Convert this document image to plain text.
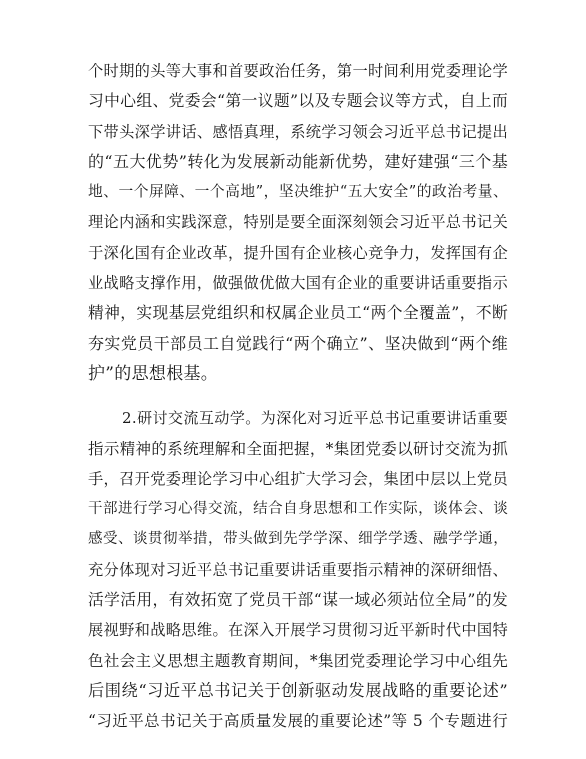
个时期的头等大事和首要政治任务，第一时间利用党委理论学
习中心组、党委会“第一议题”以及专题会议等方式，自上而
下带头深学讲话、感悟真理，系统学习领会习近平总书记提出
的“五大优势”转化为发展新动能新优势，建好建强“三个基
地、一个屏障、一个高地”，坚决维护“五大安全”的政治考量、
理论内涵和实践深意，特别是要全面深刻领会习近平总书记关
于深化国有企业改革，提升国有企业核心竞争力，发挥国有企
业战略支撑作用，做强做优做大国有企业的重要讲话重要指示
精神，实现基层党组织和权属企业员工“两个全覆盖”，不断
夯实党员干部员工自觉践行“两个确立”、坚决做到“两个维
护”的思想根基。
2.研讨交流互动学。为深化对习近平总书记重要讲话重要
指示精神的系统理解和全面把握，*集团党委以研讨交流为抓
手，召开党委理论学习中心组扩大学习会，集团中层以上党员
干部进行学习心得交流，结合自身思想和工作实际，谈体会、谈
感受、谈贯彻举措，带头做到先学学深、细学学透、融学学通，
充分体现对习近平总书记重要讲话重要指示精神的深研细悟、
活学活用，有效拓宽了党员干部“谋一域必须站位全局”的发
展视野和战略思维。在深入开展学习贯彻习近平新时代中国特
色社会主义思想主题教育期间，*集团党委理论学习中心组先
后围绕“习近平总书记关于创新驱动发展战略的重要论述”
“习近平总书记关于高质量发展的重要论述”等 5 个专题进行
